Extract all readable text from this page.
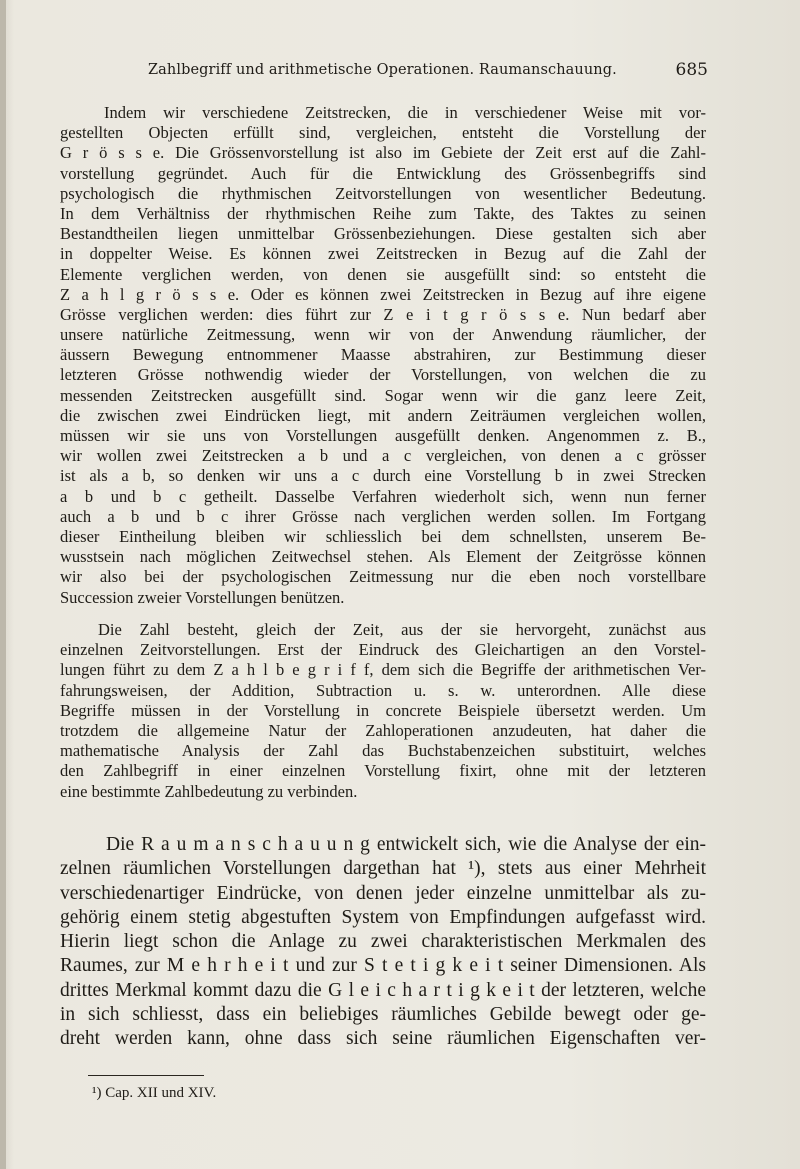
Zahlbegriff und arithmetische Operationen. Raumanschauung.	685
Indem wir verschiedene Zeitstrecken, die in verschiedener Weise mit vor-
gestellten Objecten erfüllt sind, vergleichen, entsteht die Vorstellung der
G r ö s s e. Die Grössenvorstellung ist also im Gebiete der Zeit erst auf die Zahl-
vorstellung gegründet. Auch für die Entwicklung des Grössenbegriffs sind
psychologisch die rhythmischen Zeitvorstellungen von wesentlicher Bedeutung.
In dem Verhältniss der rhythmischen Reihe zum Takte, des Taktes zu seinen
Bestandtheilen liegen unmittelbar Grössenbeziehungen. Diese gestalten sich aber
in doppelter Weise. Es können zwei Zeitstrecken in Bezug auf die Zahl der
Elemente verglichen werden, von denen sie ausgefüllt sind: so entsteht die
Z a h l g r ö s s e. Oder es können zwei Zeitstrecken in Bezug auf ihre eigene
Grösse verglichen werden: dies führt zur Z e i t g r ö s s e. Nun bedarf aber
unsere natürliche Zeitmessung, wenn wir von der Anwendung räumlicher, der
äussern Bewegung entnommener Maasse abstrahiren, zur Bestimmung dieser
letzteren Grösse nothwendig wieder der Vorstellungen, von welchen die zu
messenden Zeitstrecken ausgefüllt sind. Sogar wenn wir die ganz leere Zeit,
die zwischen zwei Eindrücken liegt, mit andern Zeiträumen vergleichen wollen,
müssen wir sie uns von Vorstellungen ausgefüllt denken. Angenommen z. B.,
wir wollen zwei Zeitstrecken a b und a c vergleichen, von denen a c grösser
ist als a b, so denken wir uns a c durch eine Vorstellung b in zwei Strecken
a b und b c getheilt. Dasselbe Verfahren wiederholt sich, wenn nun ferner
auch a b und b c ihrer Grösse nach verglichen werden sollen. Im Fortgang
dieser Eintheilung bleiben wir schliesslich bei dem schnellsten, unserem Be-
wusstsein nach möglichen Zeitwechsel stehen. Als Element der Zeitgrösse können
wir also bei der psychologischen Zeitmessung nur die eben noch vorstellbare
Succession zweier Vorstellungen benützen.
Die Zahl besteht, gleich der Zeit, aus der sie hervorgeht, zunächst aus
einzelnen Zeitvorstellungen. Erst der Eindruck des Gleichartigen an den Vorstel-
lungen führt zu dem Z a h l b e g r i f f, dem sich die Begriffe der arithmetischen Ver-
fahrungsweisen, der Addition, Subtraction u. s. w. unterordnen. Alle diese
Begriffe müssen in der Vorstellung in concrete Beispiele übersetzt werden. Um
trotzdem die allgemeine Natur der Zahloperationen anzudeuten, hat daher die
mathematische Analysis der Zahl das Buchstabenzeichen substituirt, welches
den Zahlbegriff in einer einzelnen Vorstellung fixirt, ohne mit der letzteren
eine bestimmte Zahlbedeutung zu verbinden.
Die R a u m a n s c h a u u n g entwickelt sich, wie die Analyse der ein-
zelnen räumlichen Vorstellungen dargethan hat ¹), stets aus einer Mehrheit
verschiedenartiger Eindrücke, von denen jeder einzelne unmittelbar als zu-
gehörig einem stetig abgestuften System von Empfindungen aufgefasst wird.
Hierin liegt schon die Anlage zu zwei charakteristischen Merkmalen des
Raumes, zur M e h r h e i t und zur S t e t i g k e i t seiner Dimensionen. Als
drittes Merkmal kommt dazu die G l e i c h a r t i g k e i t der letzteren, welche
in sich schliesst, dass ein beliebiges räumliches Gebilde bewegt oder ge-
dreht werden kann, ohne dass sich seine räumlichen Eigenschaften ver-
¹) Cap. XII und XIV.
